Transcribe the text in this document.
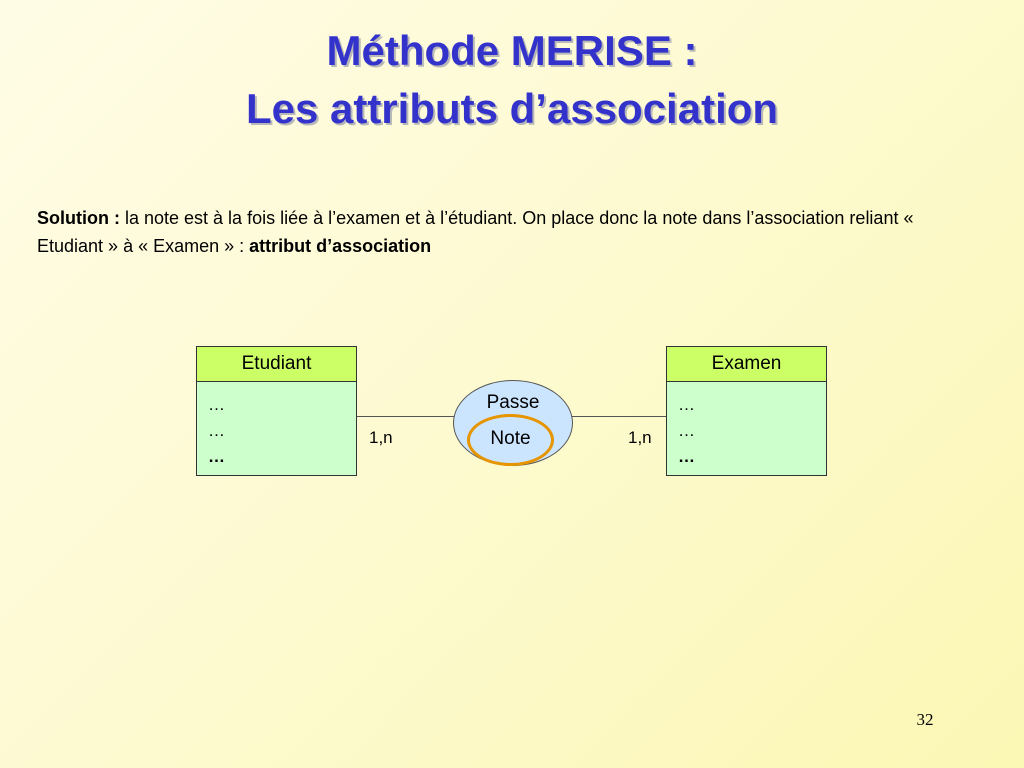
Méthode MERISE :
Les attributs d’association
Solution : la note est à la fois liée à l’examen et à l’étudiant. On place donc la note dans l’association reliant « Etudiant » à « Examen » : attribut d’association
Etudiant
…
…
…
Examen
…
…
…
1,n	1,n
Passe
Note
32
